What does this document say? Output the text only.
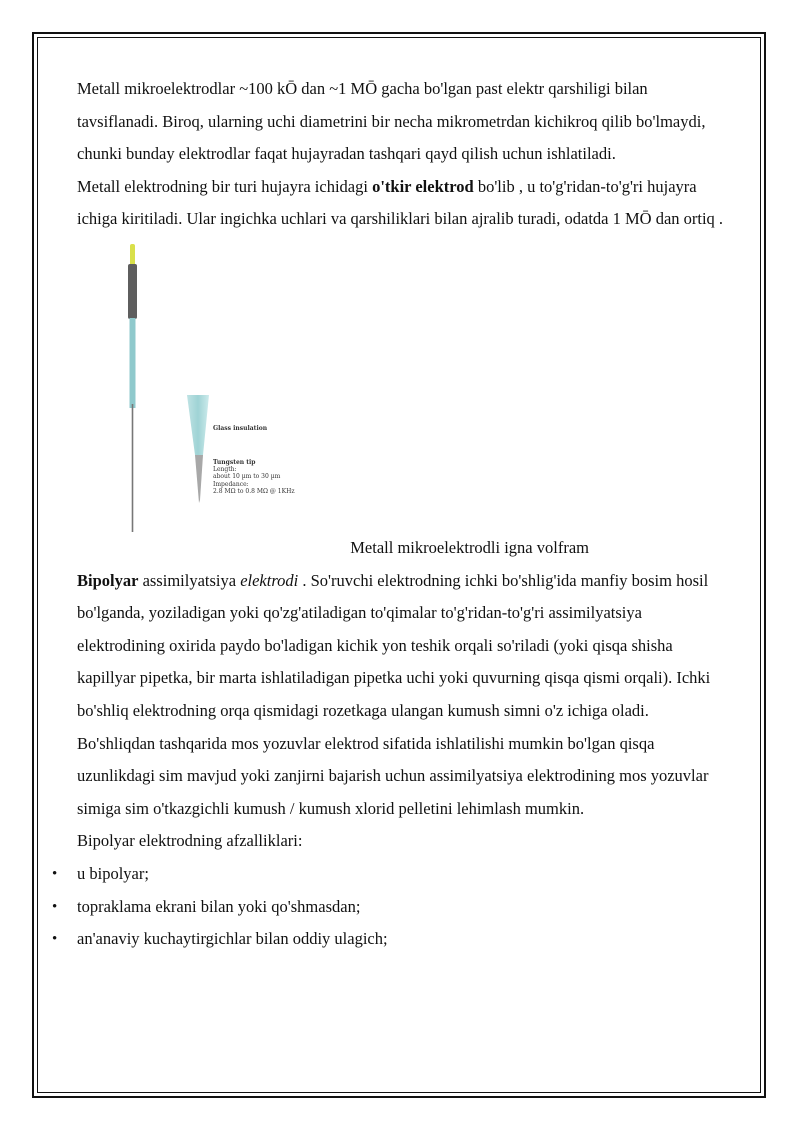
Metall mikroelektrodlar ~100 kŌ dan ~1 MŌ gacha bo'lgan past elektr qarshiligi bilan tavsiflanadi. Biroq, ularning uchi diametrini bir necha mikrometrdan kichikroq qilib bo'lmaydi, chunki bunday elektrodlar faqat hujayradan tashqari qayd qilish uchun ishlatiladi.

Metall elektrodning bir turi hujayra ichidagi o'tkir elektrod bo'lib , u to'g'ridan-to'g'ri hujayra ichiga kiritiladi. Ular ingichka uchlari va qarshiliklari bilan ajralib turadi, odatda 1 MŌ dan ortiq .

Glass insulation
Tungsten tip
Length:
about 10 µm to 30 µm
Impedance:
2.8 MΩ to 0.8 MΩ @ 1KHz

Metall mikroelektrodli igna volfram

Bipolyar assimilyatsiya elektrodi . So'ruvchi elektrodning ichki bo'shlig'ida manfiy bosim hosil bo'lganda, yoziladigan yoki qo'zg'atiladigan to'qimalar to'g'ridan-to'g'ri assimilyatsiya elektrodining oxirida paydo bo'ladigan kichik yon teshik orqali so'riladi (yoki qisqa shisha kapillyar pipetka, bir marta ishlatiladigan pipetka uchi yoki quvurning qisqa qismi orqali). Ichki bo'shliq elektrodning orqa qismidagi rozetkaga ulangan kumush simni o'z ichiga oladi. Bo'shliqdan tashqarida mos yozuvlar elektrod sifatida ishlatilishi mumkin bo'lgan qisqa uzunlikdagi sim mavjud yoki zanjirni bajarish uchun assimilyatsiya elektrodining mos yozuvlar simiga sim o'tkazgichli kumush / kumush xlorid pelletini lehimlash mumkin.

Bipolyar elektrodning afzalliklari:

• u bipolyar;
• topraklama ekrani bilan yoki qo'shmasdan;
• an'anaviy kuchaytirgichlar bilan oddiy ulagich;
